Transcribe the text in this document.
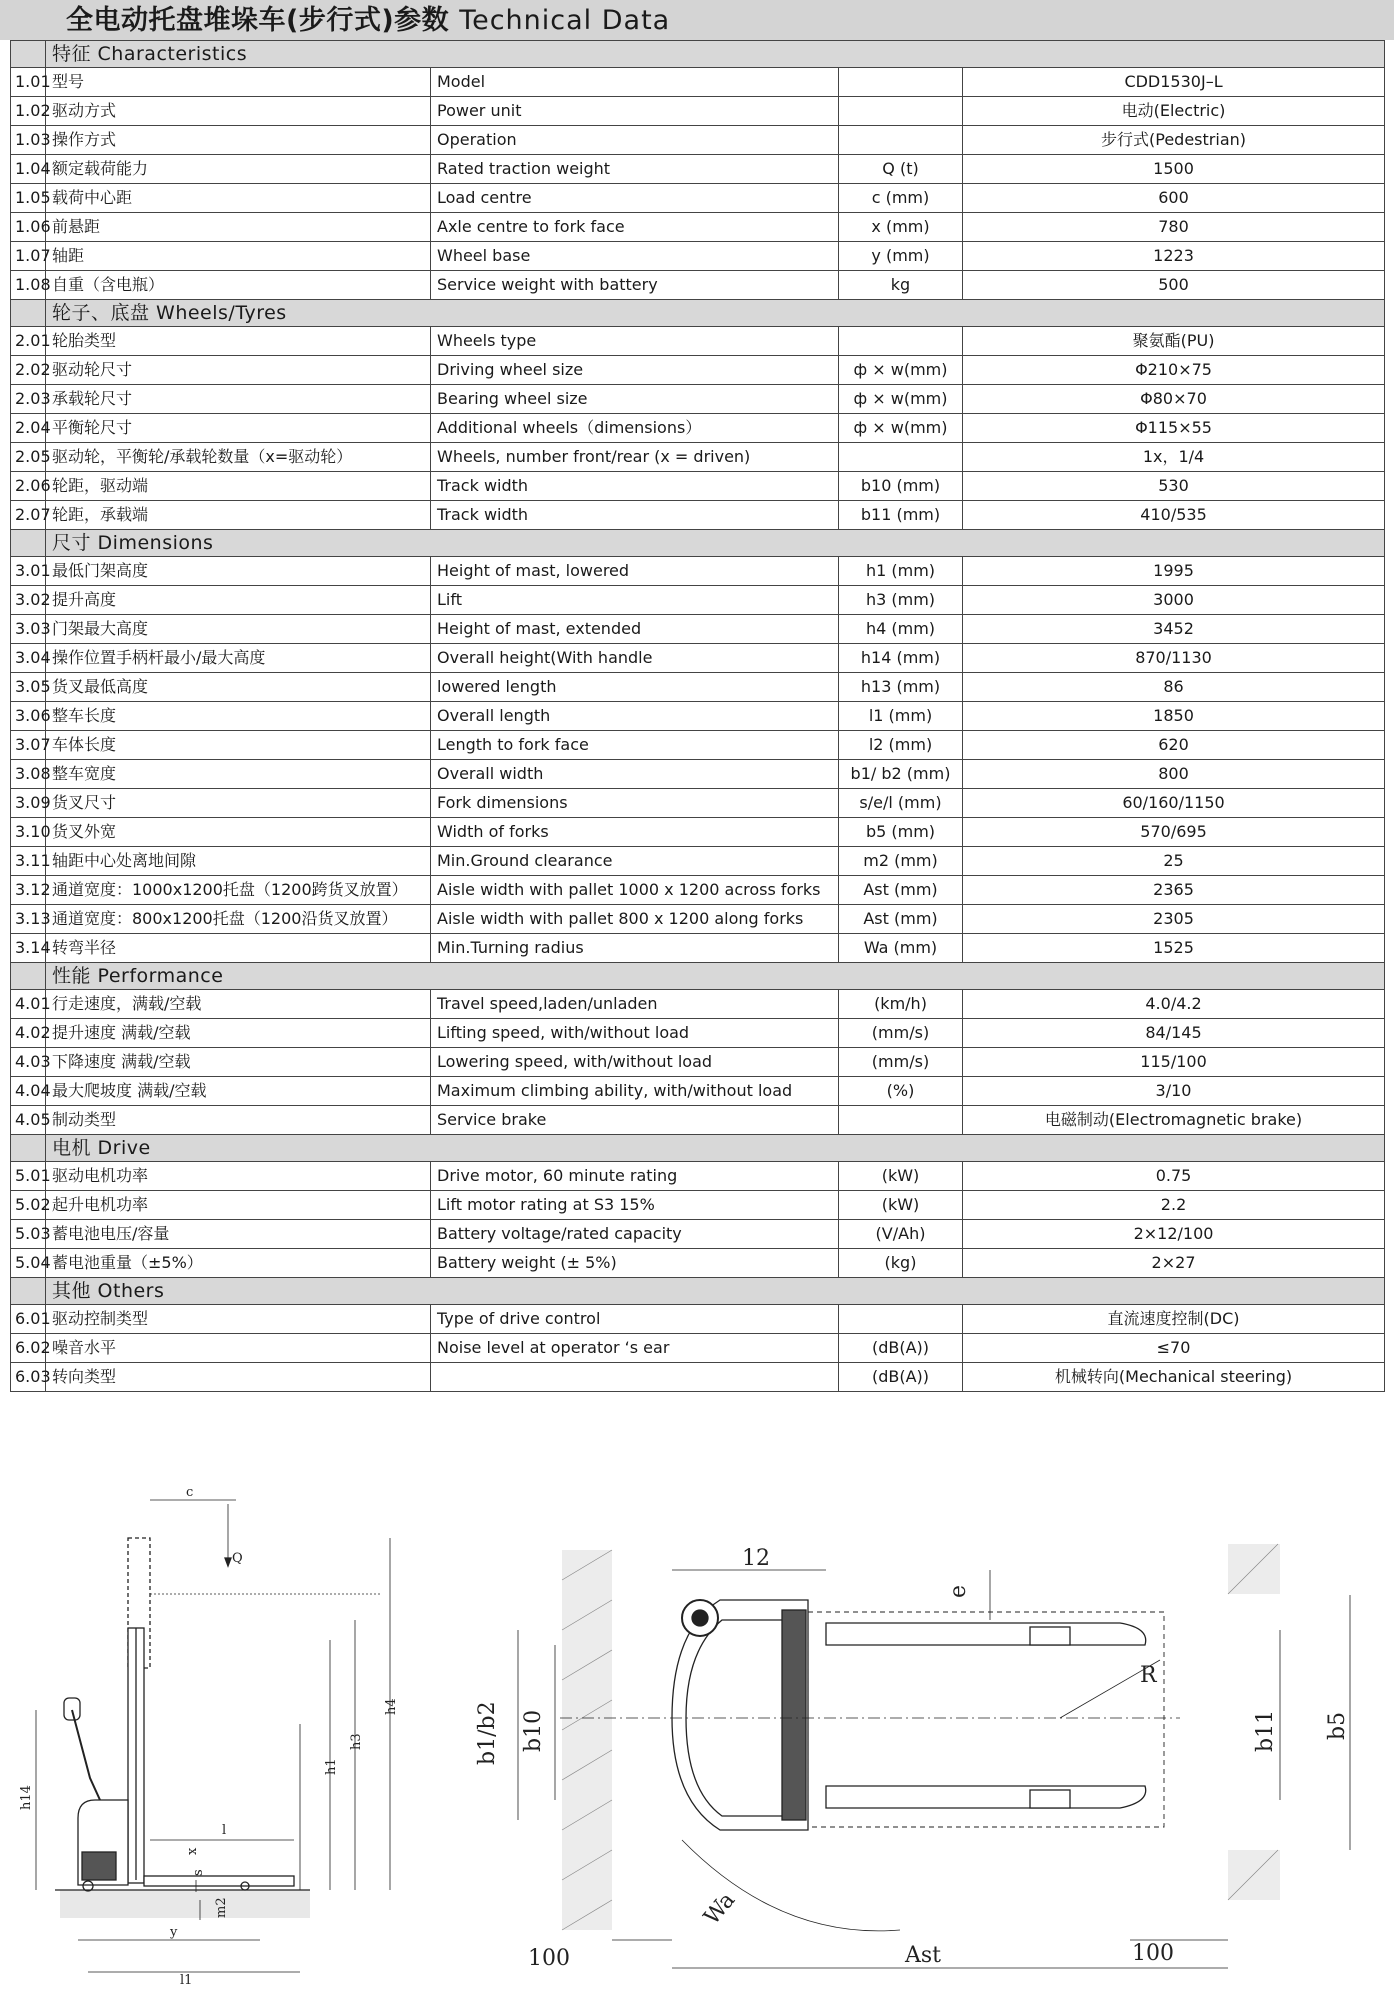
全电动托盘堆垛车(步行式)参数 Technical Data
	特征 Characteristics			
1.01	型号	Model		CDD1530J–L
1.02	驱动方式	Power unit		电动(Electric)
1.03	操作方式	Operation		步行式(Pedestrian)
1.04	额定载荷能力	Rated traction weight	Q (t)	1500
1.05	载荷中心距	Load centre	c (mm)	600
1.06	前悬距	Axle centre to fork face	x (mm)	780
1.07	轴距	Wheel base	y (mm)	1223
1.08	自重（含电瓶）	Service weight with battery	kg	500
	轮子、底盘 Wheels/Tyres			
2.01	轮胎类型	Wheels type		聚氨酯(PU)
2.02	驱动轮尺寸	Driving wheel size	ф × w(mm)	Φ210×75
2.03	承载轮尺寸	Bearing wheel size	ф × w(mm)	Φ80×70
2.04	平衡轮尺寸	Additional wheels（dimensions）	ф × w(mm)	Φ115×55
2.05	驱动轮，平衡轮/承载轮数量（x=驱动轮）	Wheels, number front/rear (x = driven)		1x，1/4
2.06	轮距，驱动端	Track width	b10 (mm)	530
2.07	轮距，承载端	Track width	b11 (mm)	410/535
	尺寸 Dimensions			
3.01	最低门架高度	Height of mast, lowered	h1 (mm)	1995
3.02	提升高度	Lift	h3 (mm)	3000
3.03	门架最大高度	Height of mast, extended	h4 (mm)	3452
3.04	操作位置手柄杆最小/最大高度	Overall height(With handle	h14 (mm)	870/1130
3.05	货叉最低高度	lowered length	h13 (mm)	86
3.06	整车长度	Overall length	l1 (mm)	1850
3.07	车体长度	Length to fork face	l2 (mm)	620
3.08	整车宽度	Overall width	b1/ b2 (mm)	800
3.09	货叉尺寸	Fork dimensions	s/e/l (mm)	60/160/1150
3.10	货叉外宽	Width of forks	b5 (mm)	570/695
3.11	轴距中心处离地间隙	Min.Ground clearance	m2 (mm)	25
3.12	通道宽度：1000x1200托盘（1200跨货叉放置）	Aisle width with pallet 1000 x 1200 across forks	Ast (mm)	2365
3.13	通道宽度：800x1200托盘（1200沿货叉放置）	Aisle width with pallet 800 x 1200 along forks	Ast (mm)	2305
3.14	转弯半径	Min.Turning radius	Wa (mm)	1525
	性能 Performance			
4.01	行走速度，满载/空载	Travel speed,laden/unladen	(km/h)	4.0/4.2
4.02	提升速度 满载/空载	Lifting speed, with/without load	(mm/s)	84/145
4.03	下降速度 满载/空载	Lowering speed, with/without load	(mm/s)	115/100
4.04	最大爬坡度 满载/空载	Maximum climbing ability, with/without load	(%)	3/10
4.05	制动类型	Service brake		电磁制动(Electromagnetic brake)
	电机 Drive			
5.01	驱动电机功率	Drive motor, 60 minute rating	(kW)	0.75
5.02	起升电机功率	Lift motor rating at S3 15%	(kW)	2.2
5.03	蓄电池电压/容量	Battery voltage/rated capacity	(V/Ah)	2×12/100
5.04	蓄电池重量（±5%）	Battery weight (± 5%)	(kg)	2×27
	其他 Others			
6.01	驱动控制类型	Type of drive control		直流速度控制(DC)
6.02	噪音水平	Noise level at operator ‘s ear	(dB(A))	≤70
6.03	转向类型		(dB(A))	机械转向(Mechanical steering)
c
Q
h4
h3
h1
h14
l
x
s
m2
y
l1
12
e
b1/b2 b10	b11 b5
R
Wa
Ast
100	100
